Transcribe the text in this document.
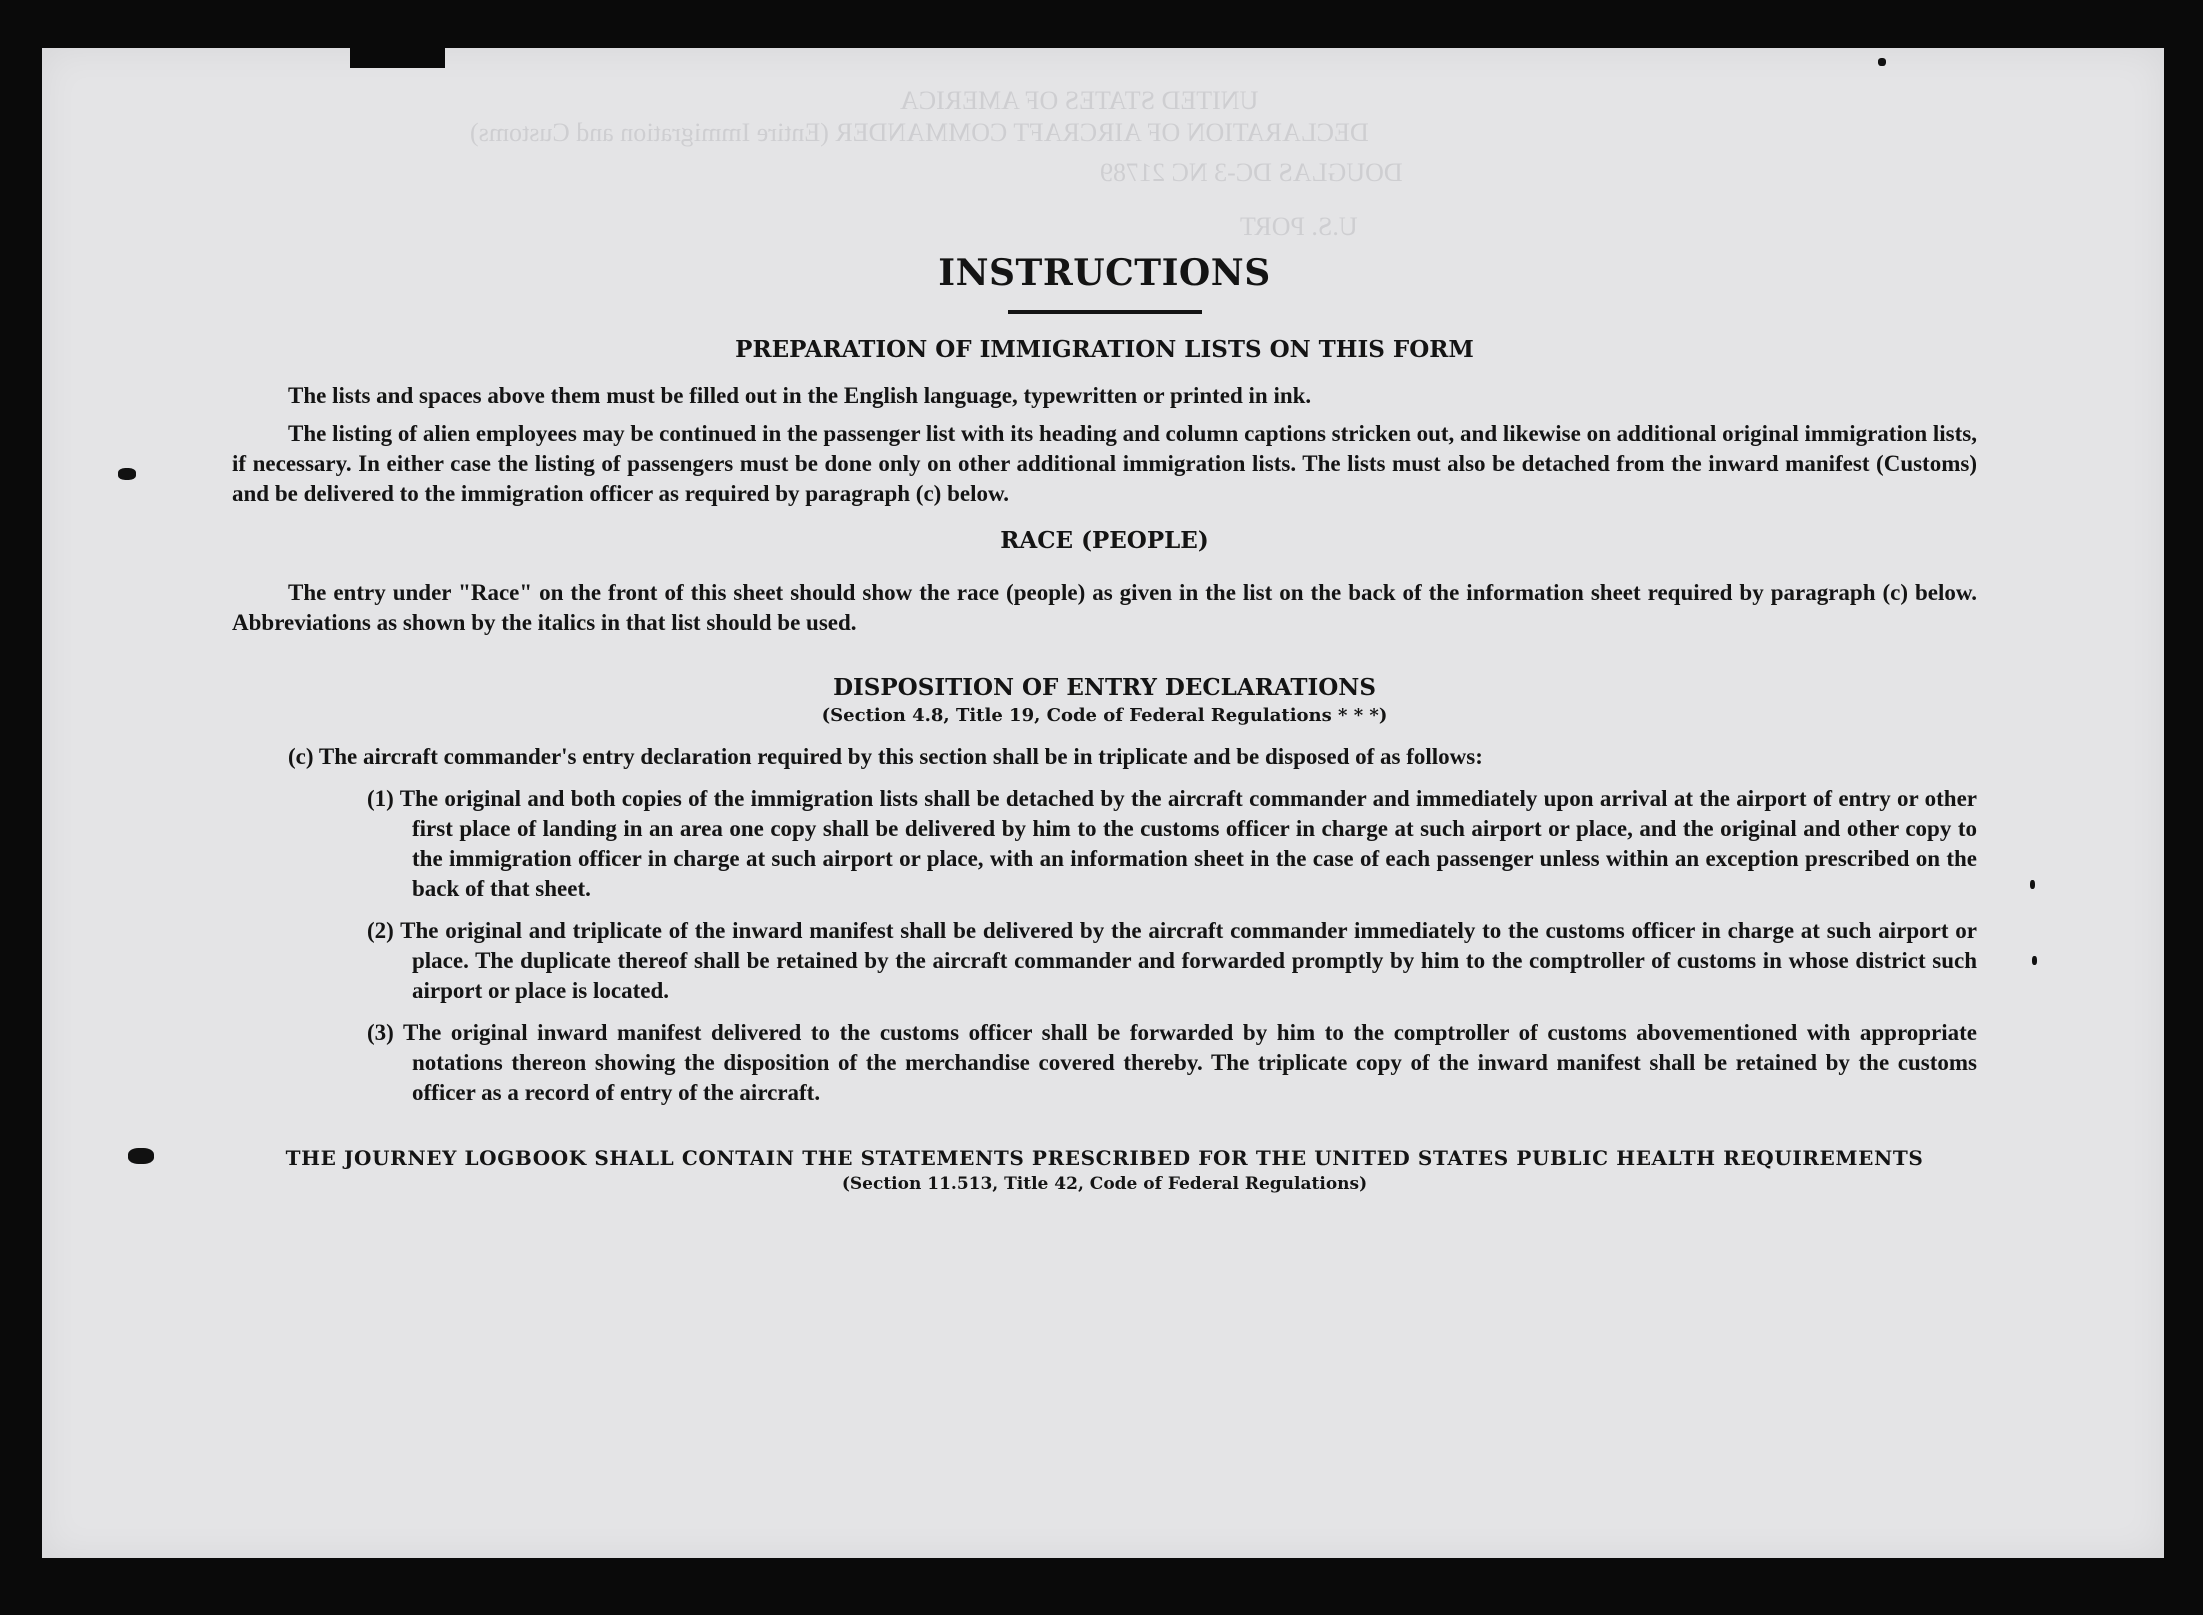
UNITED STATES OF AMERICA
DECLARATION OF AIRCRAFT COMMANDER (Entire Immigration and Customs)
DOUGLAS DC-3 NC 21789
U.S. PORT
INSTRUCTIONS
PREPARATION OF IMMIGRATION LISTS ON THIS FORM

The lists and spaces above them must be filled out in the English language, typewritten or printed in ink.

The listing of alien employees may be continued in the passenger list with its heading and column captions stricken out, and likewise on additional original immigration lists, if necessary. In either case the listing of passengers must be done only on other additional immigration lists. The lists must also be detached from the inward manifest (Customs) and be delivered to the immigration officer as required by paragraph (c) below.

RACE (PEOPLE)

The entry under "Race" on the front of this sheet should show the race (people) as given in the list on the back of the information sheet required by paragraph (c) below. Abbreviations as shown by the italics in that list should be used.

DISPOSITION OF ENTRY DECLARATIONS
(Section 4.8, Title 19, Code of Federal Regulations * * *)

(c) The aircraft commander's entry declaration required by this section shall be in triplicate and be disposed of as follows:

(1) The original and both copies of the immigration lists shall be detached by the aircraft commander and immediately upon arrival at the airport of entry or other first place of landing in an area one copy shall be delivered by him to the customs officer in charge at such airport or place, and the original and other copy to the immigration officer in charge at such airport or place, with an information sheet in the case of each passenger unless within an exception prescribed on the back of that sheet.
(2) The original and triplicate of the inward manifest shall be delivered by the aircraft commander immediately to the customs officer in charge at such airport or place. The duplicate thereof shall be retained by the aircraft commander and forwarded promptly by him to the comptroller of customs in whose district such airport or place is located.
(3) The original inward manifest delivered to the customs officer shall be forwarded by him to the comptroller of customs abovementioned with appropriate notations thereon showing the disposition of the merchandise covered thereby. The triplicate copy of the inward manifest shall be retained by the customs officer as a record of entry of the aircraft.
THE JOURNEY LOGBOOK SHALL CONTAIN THE STATEMENTS PRESCRIBED FOR THE UNITED STATES PUBLIC HEALTH REQUIREMENTS
(Section 11.513, Title 42, Code of Federal Regulations)
